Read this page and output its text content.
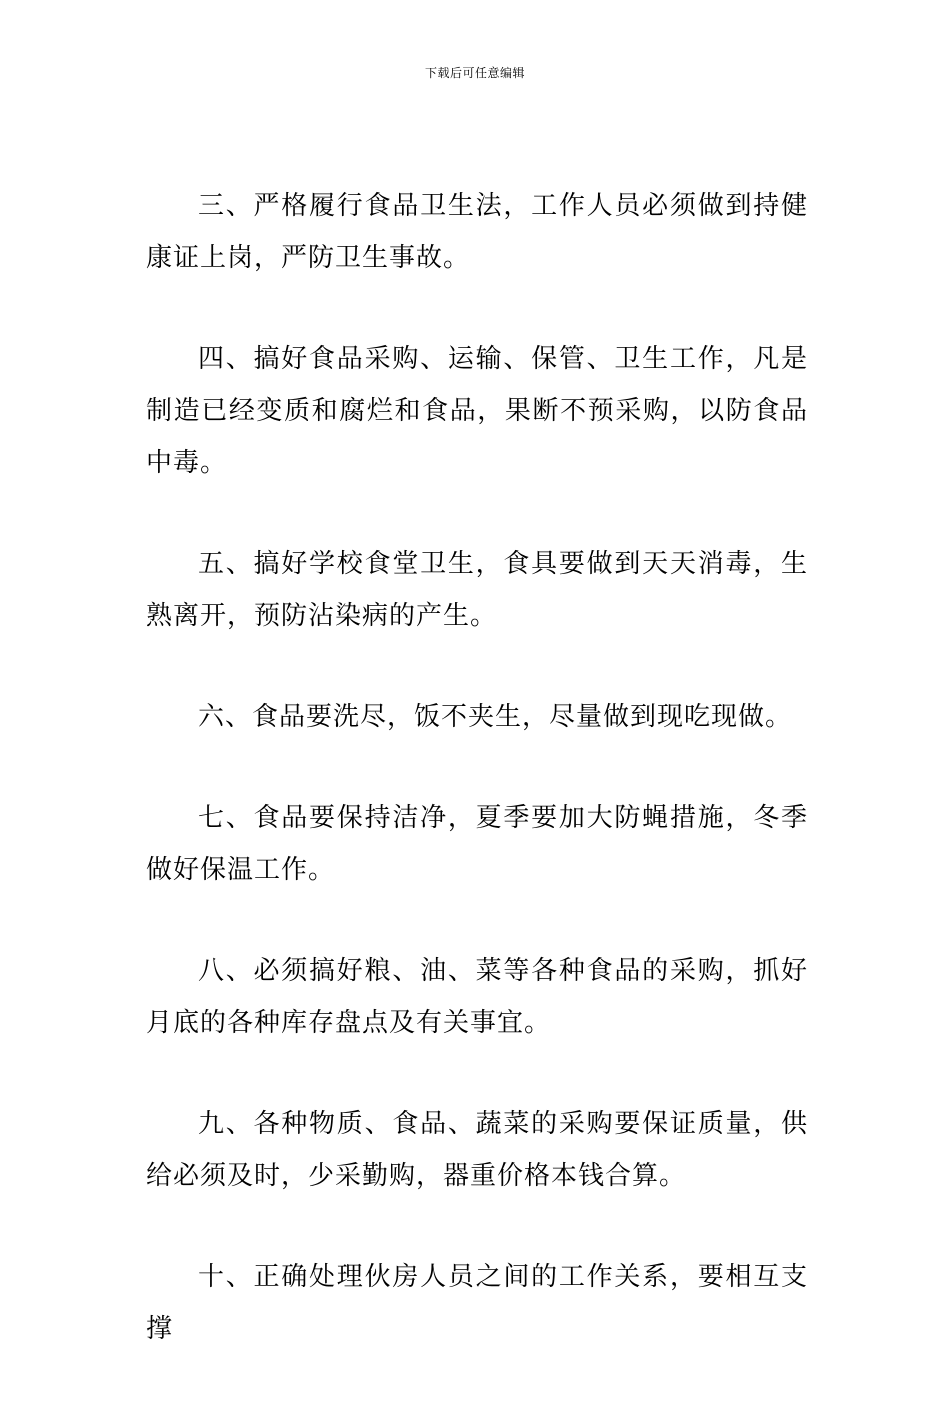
下载后可任意编辑

三、严格履行食品卫生法，工作人员必须做到持健康证上岗，严防卫生事故。

四、搞好食品采购、运输、保管、卫生工作，凡是制造已经变质和腐烂和食品，果断不预采购，以防食品中毒。

五、搞好学校食堂卫生，食具要做到天天消毒，生熟离开，预防沾染病的产生。

六、食品要洗尽，饭不夹生，尽量做到现吃现做。

七、食品要保持洁净，夏季要加大防蝇措施，冬季做好保温工作。

八、必须搞好粮、油、菜等各种食品的采购，抓好月底的各种库存盘点及有关事宜。

九、各种物质、食品、蔬菜的采购要保证质量，供给必须及时，少采勤购，器重价格本钱合算。

十、正确处理伙房人员之间的工作关系，要相互支撑
